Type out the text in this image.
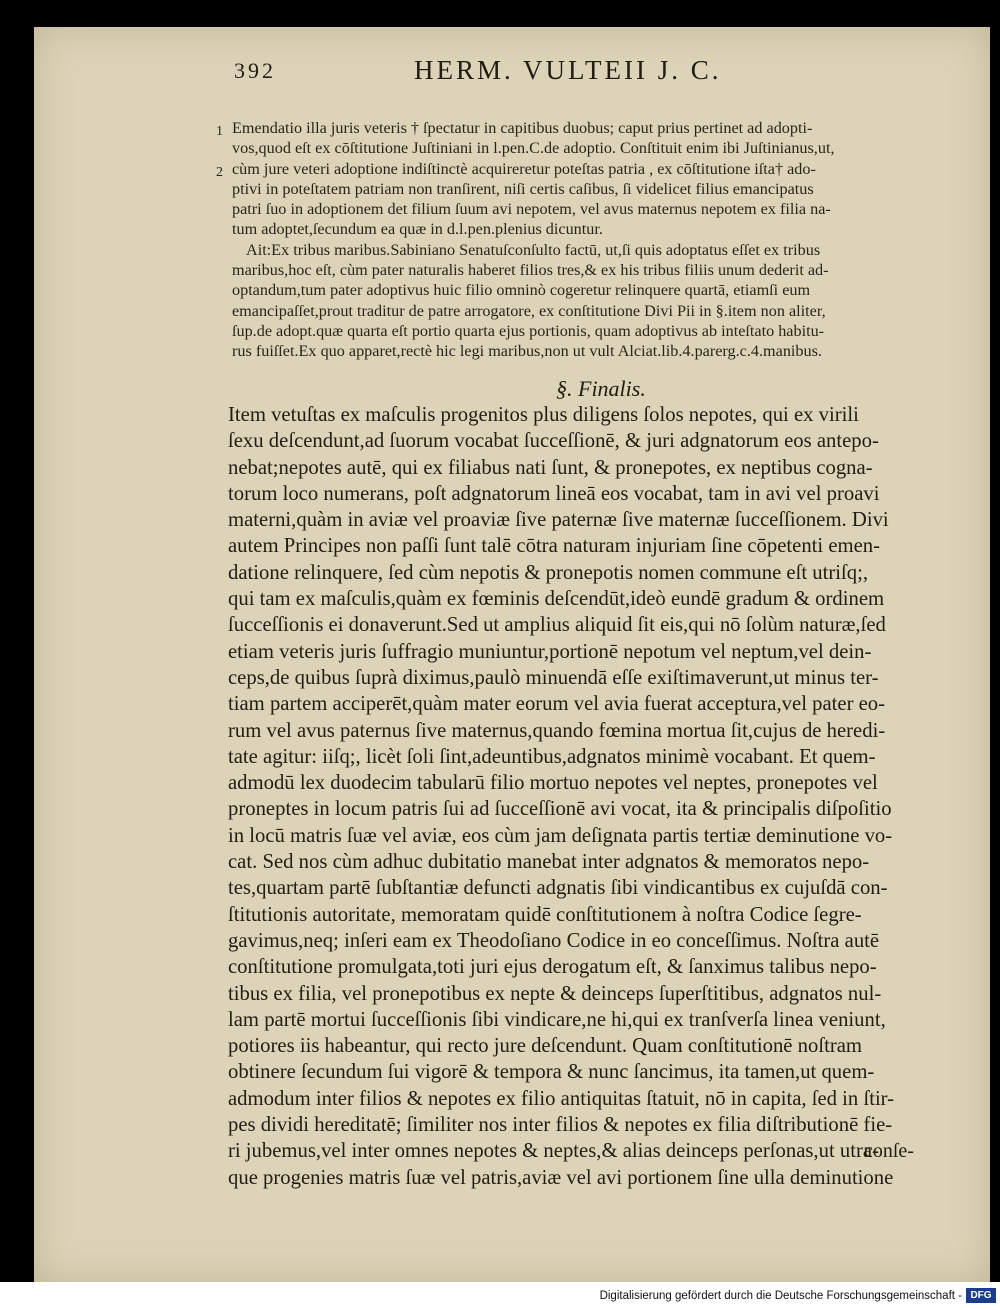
392	HERM. VULTEII J. C.
1
2
Emendatio illa juris veteris † ſpectatur in capitibus duobus; caput prius pertinet ad adopti-
vos,quod eſt ex cōſtitutione Juſtiniani in l.pen.C.de adoptio. Conſtituit enim ibi Juſtinianus,ut,
cùm jure veteri adoptione indiſtinctè acquireretur poteſtas patria , ex cōſtitutione iſta† ado-
ptivi in poteſtatem patriam non tranſirent, niſi certis caſibus, ſi videlicet filius emancipatus
patri ſuo in adoptionem det filium ſuum avi nepotem, vel avus maternus nepotem ex filia na-
tum adoptet,ſecundum ea quæ in d.l.pen.plenius dicuntur.
Ait:Ex tribus maribus.Sabiniano Senatuſconſulto factū, ut,ſi quis adoptatus eſſet ex tribus
maribus,hoc eſt, cùm pater naturalis haberet filios tres,& ex his tribus filiis unum dederit ad-
optandum,tum pater adoptivus huic filio omninò cogeretur relinquere quartā, etiamſi eum
emancipaſſet,prout traditur de patre arrogatore, ex conſtitutione Divi Pii in §.item non aliter,
ſup.de adopt.quæ quarta eſt portio quarta ejus portionis, quam adoptivus ab inteſtato habitu-
rus fuiſſet.Ex quo apparet,rectè hic legi maribus,non ut vult Alciat.lib.4.parerg.c.4.manibus.
§. Finalis.
Item vetuſtas ex maſculis progenitos plus diligens ſolos nepotes, qui ex virili
ſexu deſcendunt,ad ſuorum vocabat ſucceſſionē, & juri adgnatorum eos antepo-
nebat;nepotes autē, qui ex filiabus nati ſunt, & pronepotes, ex neptibus cogna-
torum loco numerans, poſt adgnatorum lineā eos vocabat, tam in avi vel proavi
materni,quàm in aviæ vel proaviæ ſive paternæ ſive maternæ ſucceſſionem. Divi
autem Principes non paſſi ſunt talē cōtra naturam injuriam ſine cōpetenti emen-
datione relinquere, ſed cùm nepotis & pronepotis nomen commune eſt utriſq;,
qui tam ex maſculis,quàm ex fœminis deſcendūt,ideò eundē gradum & ordinem
ſucceſſionis ei donaverunt.Sed ut amplius aliquid ſit eis,qui nō ſolùm naturæ,ſed
etiam veteris juris ſuffragio muniuntur,portionē nepotum vel neptum,vel dein-
ceps,de quibus ſuprà diximus,paulò minuendā eſſe exiſtimaverunt,ut minus ter-
tiam partem acciperēt,quàm mater eorum vel avia fuerat acceptura,vel pater eo-
rum vel avus paternus ſive maternus,quando fœmina mortua ſit,cujus de heredi-
tate agitur: iiſq;, licèt ſoli ſint,adeuntibus,adgnatos minimè vocabant. Et quem-
admodū lex duodecim tabularū filio mortuo nepotes vel neptes, pronepotes vel
proneptes in locum patris ſui ad ſucceſſionē avi vocat, ita & principalis diſpoſitio
in locū matris ſuæ vel aviæ, eos cùm jam deſignata partis tertiæ deminutione vo-
cat. Sed nos cùm adhuc dubitatio manebat inter adgnatos & memoratos nepo-
tes,quartam partē ſubſtantiæ defuncti adgnatis ſibi vindicantibus ex cujuſdā con-
ſtitutionis autoritate, memoratam quidē conſtitutionem à noſtra Codice ſegre-
gavimus,neq; inſeri eam ex Theodoſiano Codice in eo conceſſimus. Noſtra autē
conſtitutione promulgata,toti juri ejus derogatum eſt, & ſanximus talibus nepo-
tibus ex filia, vel pronepotibus ex nepte & deinceps ſuperſtitibus, adgnatos nul-
lam partē mortui ſucceſſionis ſibi vindicare,ne hi,qui ex tranſverſa linea veniunt,
potiores iis habeantur, qui recto jure deſcendunt. Quam conſtitutionē noſtram
obtinere ſecundum ſui vigorē & tempora & nunc ſancimus, ita tamen,ut quem-
admodum inter filios & nepotes ex filio antiquitas ſtatuit, nō in capita, ſed in ſtir-
pes dividi hereditatē; ſimiliter nos inter filios & nepotes ex filia diſtributionē fie-
ri jubemus,vel inter omnes nepotes & neptes,& alias deinceps perſonas,ut utra-
que progenies matris ſuæ vel patris,aviæ vel avi portionem ſine ulla deminutione
conſe-
Digitalisierung gefördert durch die Deutsche Forschungsgemeinschaft - DFG
